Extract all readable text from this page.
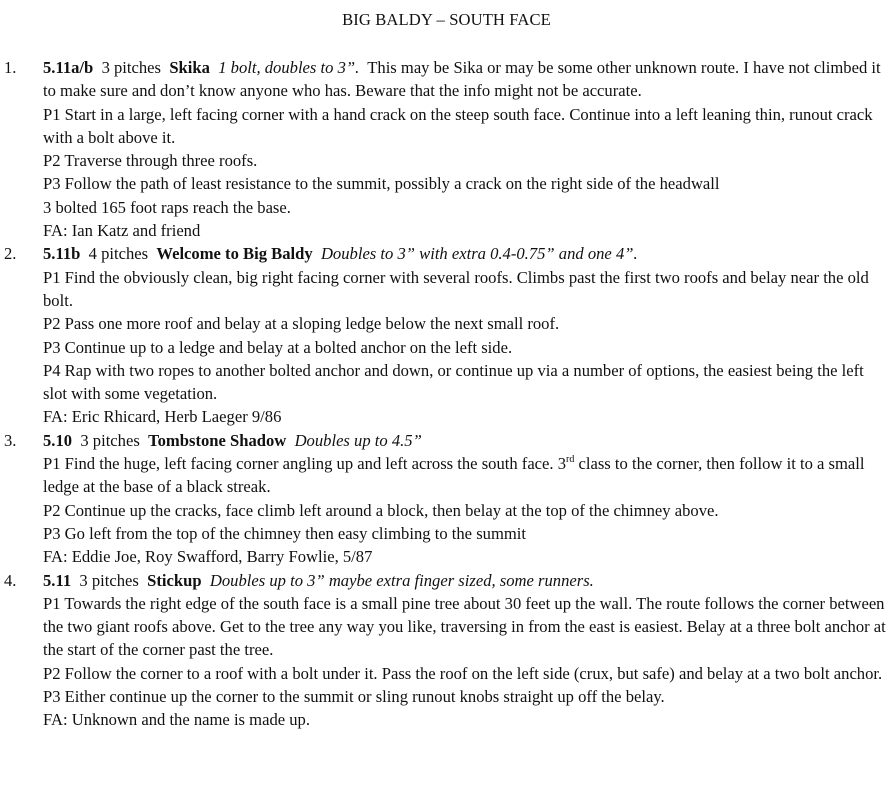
BIG BALDY – SOUTH FACE
1. 5.11a/b 3 pitches Skika 1 bolt, doubles to 3”. This may be Sika or may be some other unknown route. I have not climbed it to make sure and don’t know anyone who has. Beware that the info might not be accurate.
P1 Start in a large, left facing corner with a hand crack on the steep south face. Continue into a left leaning thin, runout crack with a bolt above it.
P2 Traverse through three roofs.
P3 Follow the path of least resistance to the summit, possibly a crack on the right side of the headwall
3 bolted 165 foot raps reach the base.
FA: Ian Katz and friend
2. 5.11b 4 pitches Welcome to Big Baldy Doubles to 3” with extra 0.4-0.75” and one 4”.
P1 Find the obviously clean, big right facing corner with several roofs. Climbs past the first two roofs and belay near the old bolt.
P2 Pass one more roof and belay at a sloping ledge below the next small roof.
P3 Continue up to a ledge and belay at a bolted anchor on the left side.
P4 Rap with two ropes to another bolted anchor and down, or continue up via a number of options, the easiest being the left slot with some vegetation.
FA: Eric Rhicard, Herb Laeger 9/86
3. 5.10 3 pitches Tombstone Shadow Doubles up to 4.5”
P1 Find the huge, left facing corner angling up and left across the south face. 3rd class to the corner, then follow it to a small ledge at the base of a black streak.
P2 Continue up the cracks, face climb left around a block, then belay at the top of the chimney above.
P3 Go left from the top of the chimney then easy climbing to the summit
FA: Eddie Joe, Roy Swafford, Barry Fowlie, 5/87
4. 5.11 3 pitches Stickup Doubles up to 3” maybe extra finger sized, some runners.
P1 Towards the right edge of the south face is a small pine tree about 30 feet up the wall. The route follows the corner between the two giant roofs above. Get to the tree any way you like, traversing in from the east is easiest. Belay at a three bolt anchor at the start of the corner past the tree.
P2 Follow the corner to a roof with a bolt under it. Pass the roof on the left side (crux, but safe) and belay at a two bolt anchor.
P3 Either continue up the corner to the summit or sling runout knobs straight up off the belay.
FA: Unknown and the name is made up.
